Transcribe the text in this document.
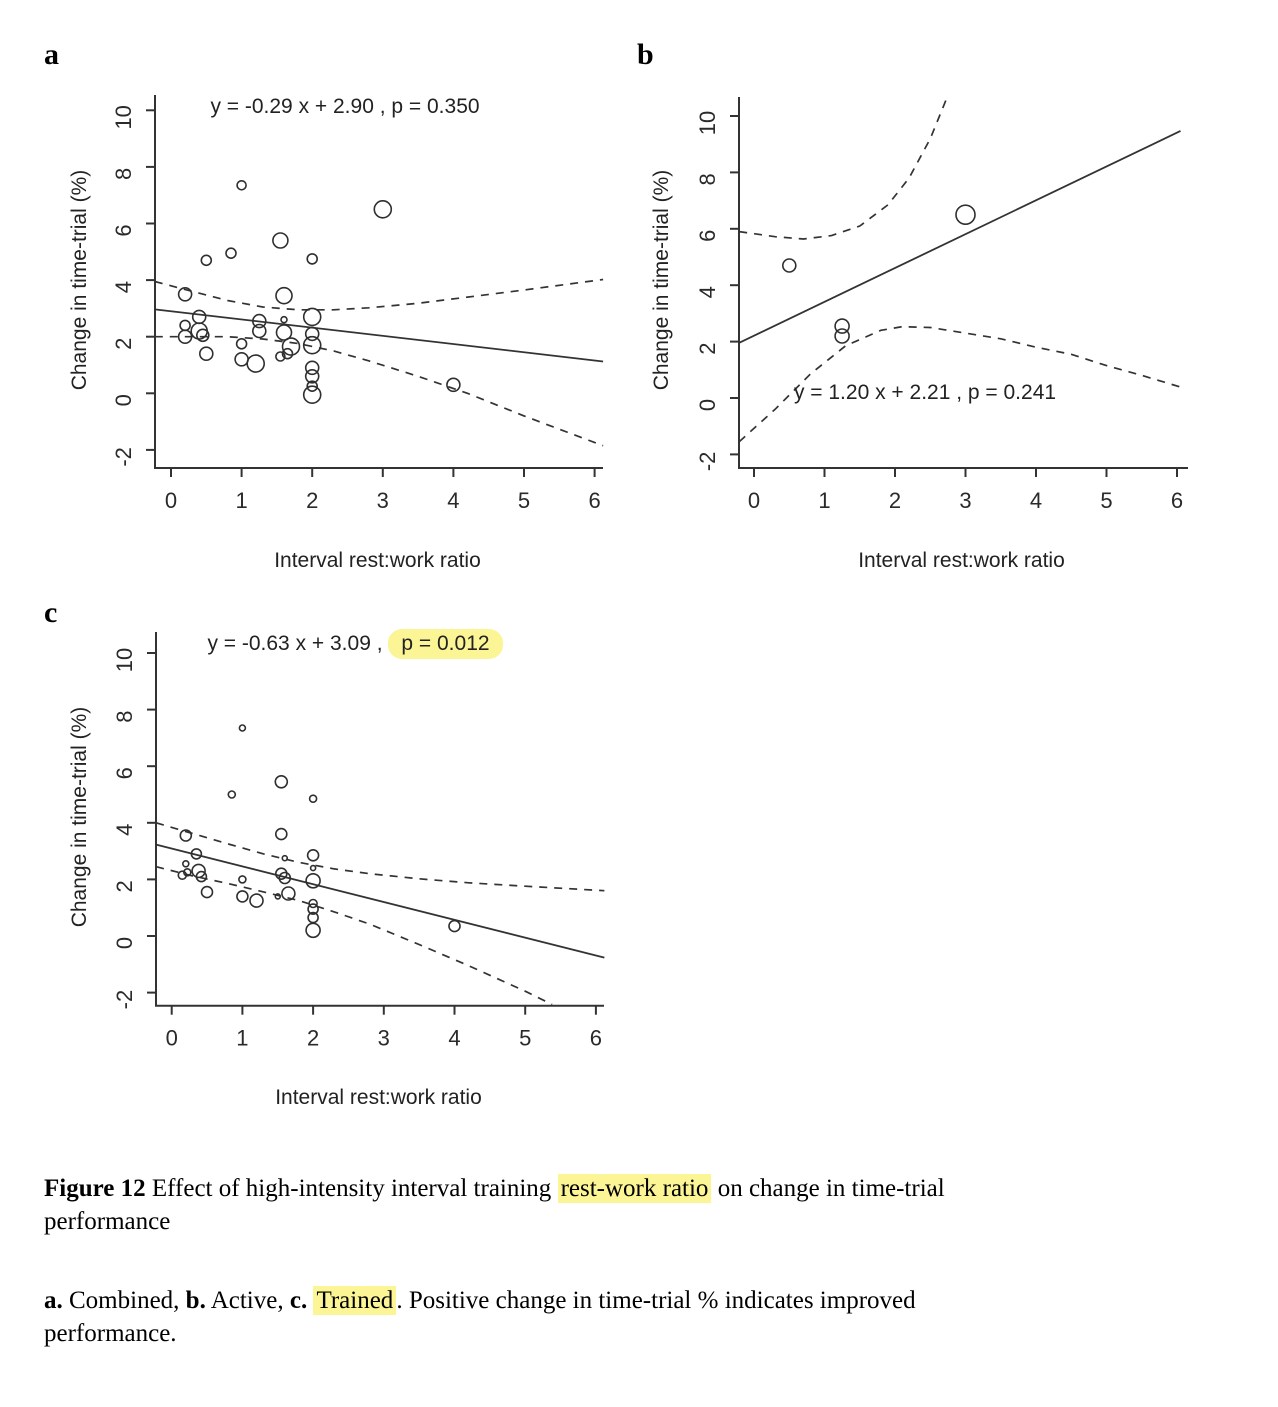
a	b
c
0	1	2	3	4	5	6
-2
0
2
4
6
8
10
0	1	2	3	4	5	6
-2
0
2
4
6
8
10
0	1	2	3	4	5	6
-2
0
2
4
6
8
10
y = -0.29 x + 2.90 , p = 0.350
y = 1.20 x + 2.21 , p = 0.241
y = -0.63 x + 3.09 , p = 0.012
Change in time-trial (%)	Change in time-trial (%)
Change in time-trial (%)
Interval rest:work ratio	Interval rest:work ratio
Interval rest:work ratio
Figure 12 Effect of high-intensity interval training rest-work ratio on change in time-trial
performance
a. Combined, b. Active, c. Trained . Positive change in time-trial % indicates improved
performance.
